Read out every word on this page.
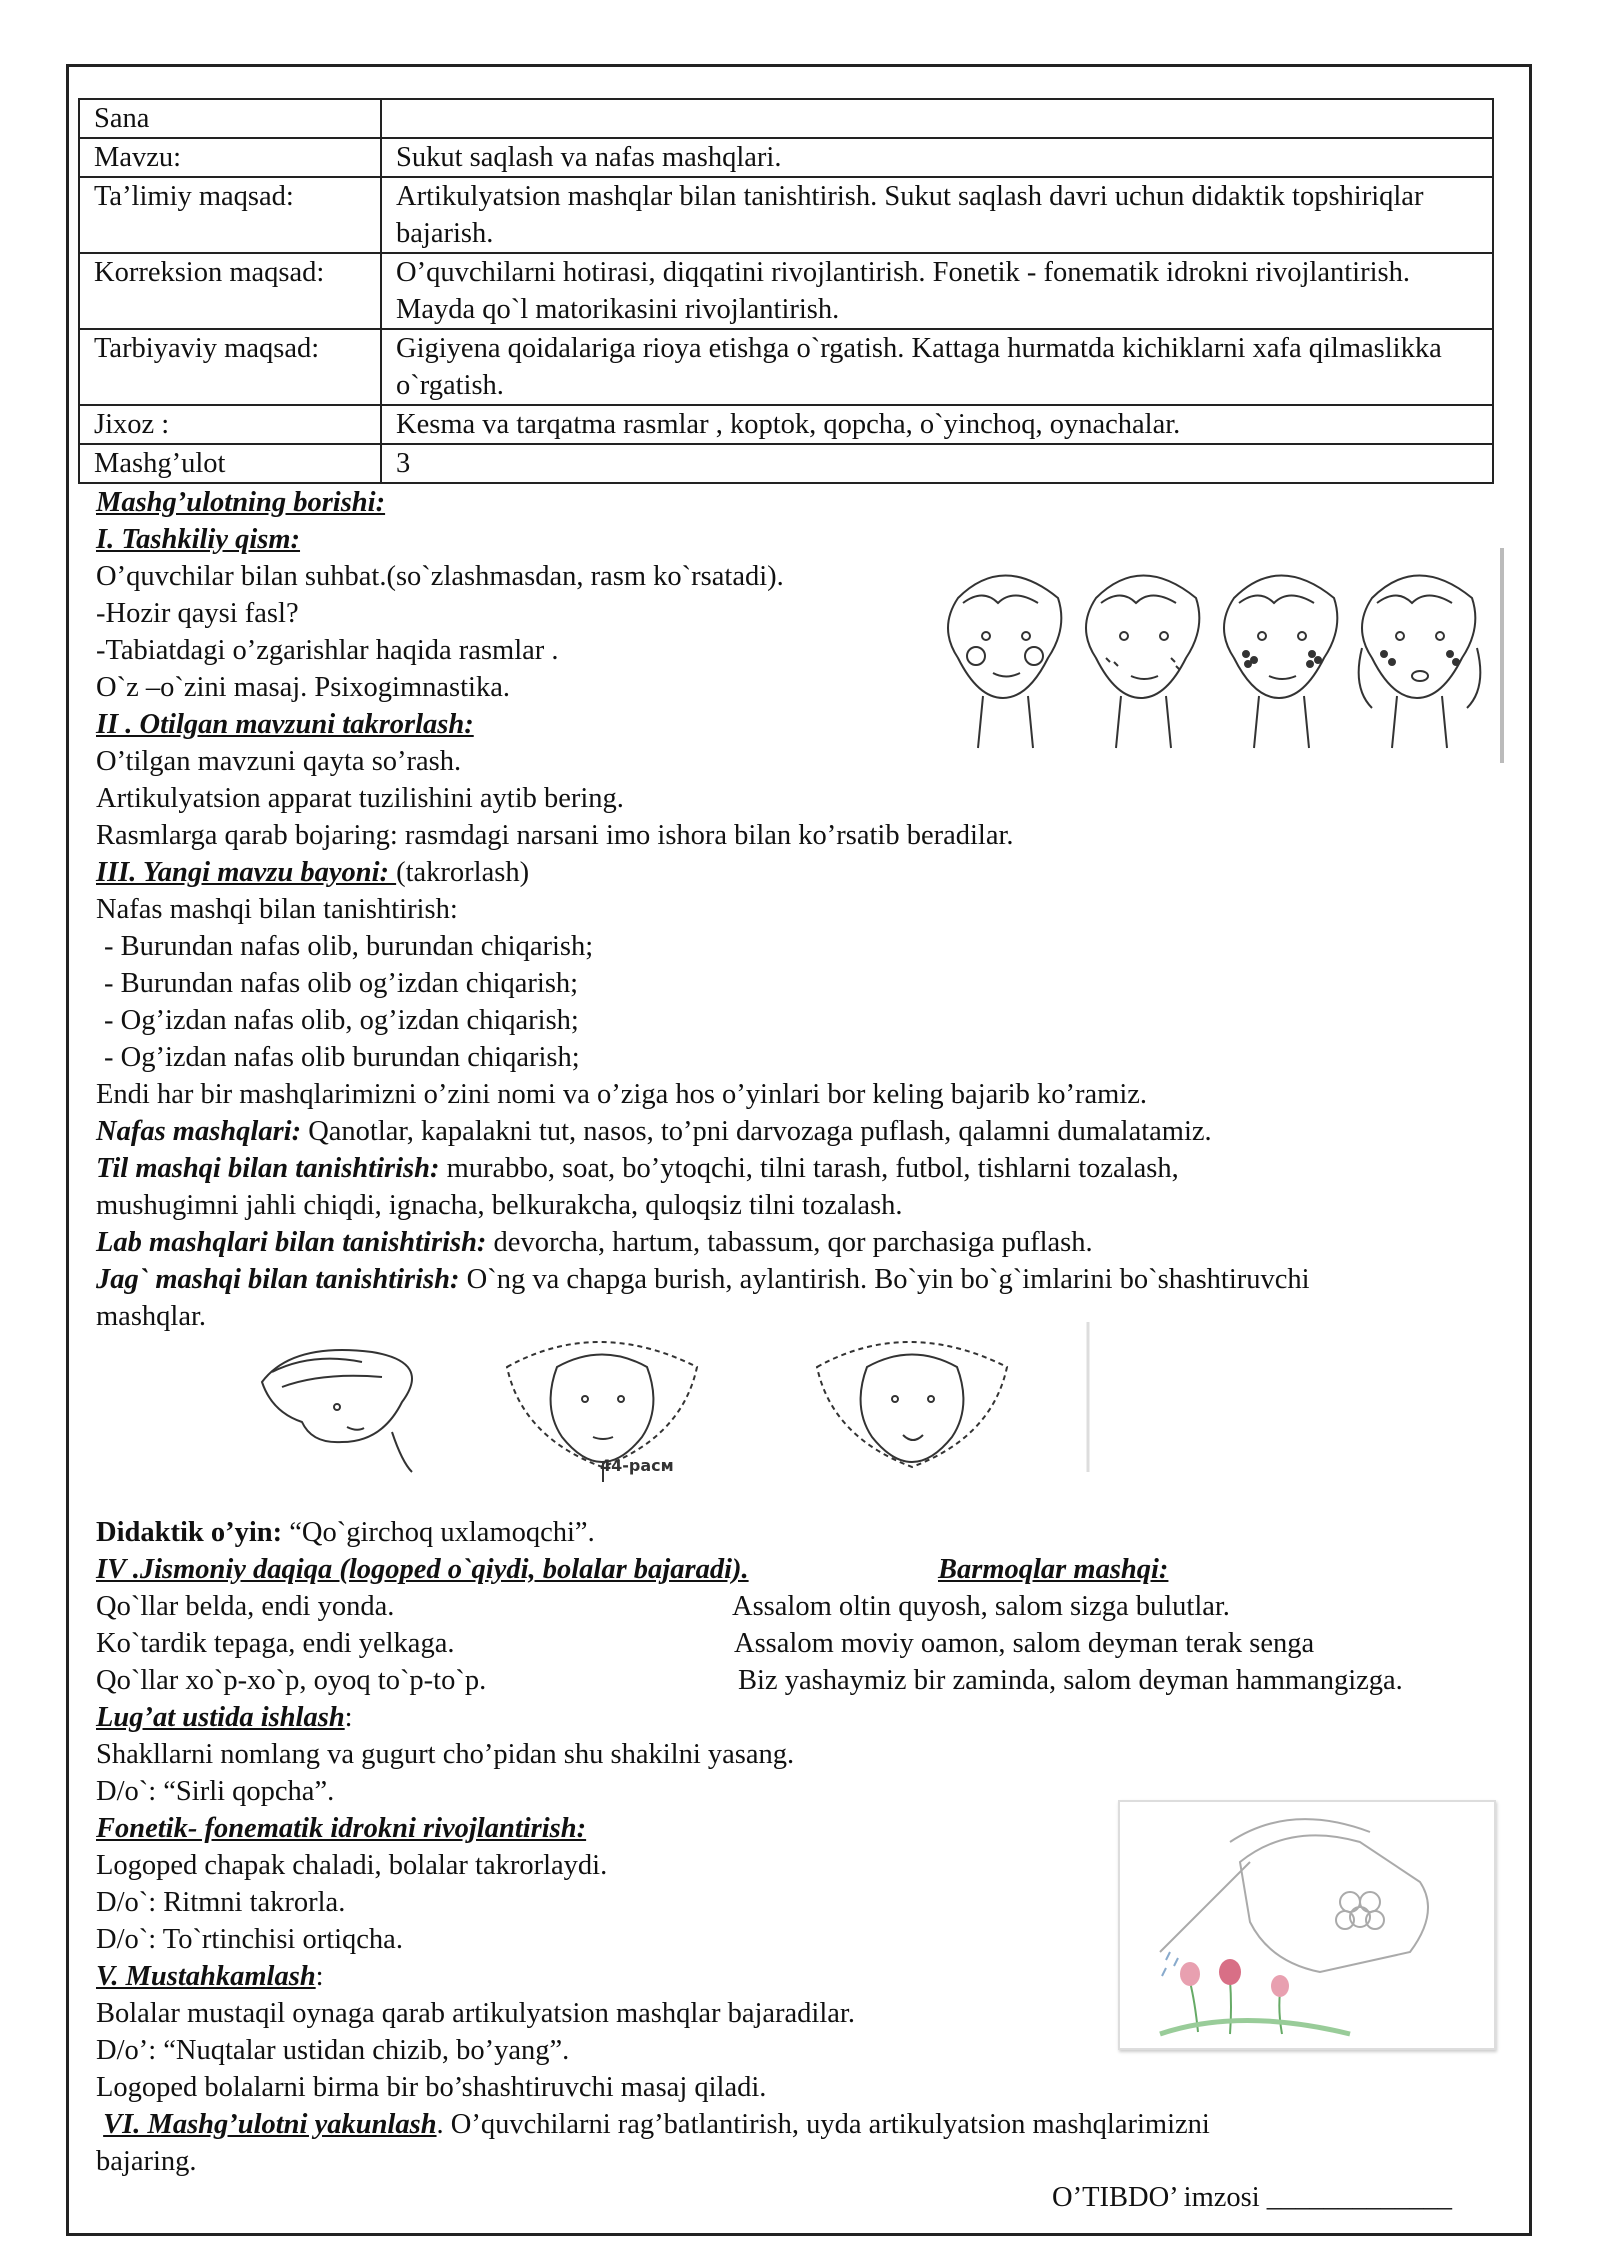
Sana	
Mavzu:	Sukut saqlash va nafas mashqlari.
Ta’limiy maqsad:	Artikulyatsion mashqlar bilan tanishtirish. Sukut saqlash davri uchun didaktik topshiriqlar bajarish.
Korreksion maqsad:	O’quvchilarni hotirasi, diqqatini rivojlantirish. Fonetik - fonematik idrokni rivojlantirish. Mayda qo`l matorikasini rivojlantirish.
Tarbiyaviy maqsad:	Gigiyena qoidalariga rioya etishga o`rgatish. Kattaga hurmatda kichiklarni xafa qilmaslikka o`rgatish.
Jixoz :	Kesma va tarqatma rasmlar , koptok, qopcha, o`yinchoq, oynachalar.
Mashg’ulot	3
Mashg’ulotning borishi:
I. Tashkiliy qism:
O’quvchilar bilan suhbat.(so`zlashmasdan, rasm ko`rsatadi).
-Hozir qaysi fasl?
-Tabiatdagi o’zgarishlar haqida rasmlar .
O`z –o`zini masaj. Psixogimnastika.
II . Otilgan mavzuni takrorlash:
O’tilgan mavzuni qayta so’rash.
Artikulyatsion apparat tuzilishini aytib bering.
Rasmlarga qarab bojaring: rasmdagi narsani imo ishora bilan ko’rsatib beradilar.
III. Yangi mavzu bayoni: (takrorlash)
Nafas mashqi bilan tanishtirish:
- Burundan nafas olib, burundan chiqarish;
- Burundan nafas olib og’izdan chiqarish;
- Og’izdan nafas olib, og’izdan chiqarish;
- Og’izdan nafas olib burundan chiqarish;
Endi har bir mashqlarimizni o’zini nomi va o’ziga hos o’yinlari bor keling bajarib ko’ramiz.
Nafas mashqlari: Qanotlar, kapalakni tut, nasos, to’pni darvozaga puflash, qalamni dumalatamiz.
Til mashqi bilan tanishtirish: murabbo, soat, bo’ytoqchi, tilni tarash, futbol, tishlarni tozalash,
mushugimni jahli chiqdi, ignacha, belkurakcha, quloqsiz tilni tozalash.
Lab mashqlari bilan tanishtirish: devorcha, hartum, tabassum, qor parchasiga puflash.
Jag` mashqi bilan tanishtirish: O`ng va chapga burish, aylantirish. Bo`yin bo`g`imlarini bo`shashtiruvchi
mashqlar.
Didaktik o’yin: “Qo`girchoq uxlamoqchi”.
IV .Jismoniy daqiqa (logoped o`qiydi, bolalar bajaradi).	Barmoqlar mashqi:
Qo`llar belda, endi yonda.	Assalom oltin quyosh, salom sizga bulutlar.
Ko`tardik tepaga, endi yelkaga.	Assalom moviy oamon, salom deyman terak senga
Qo`llar xo`p-xo`p, oyoq to`p-to`p.	Biz yashaymiz bir zaminda, salom deyman hammangizga.
Lug’at ustida ishlash:
Shakllarni nomlang va gugurt cho’pidan shu shakilni yasang.
D/o`: “Sirli qopcha”.
Fonetik- fonematik idrokni rivojlantirish:
Logoped chapak chaladi, bolalar takrorlaydi.
D/o`: Ritmni takrorla.
D/o`: To`rtinchisi ortiqcha.
V. Mustahkamlash:
Bolalar mustaqil oynaga qarab artikulyatsion mashqlar bajaradilar.
D/o’: “Nuqtalar ustidan chizib, bo’yang”.
Logoped bolalarni birma bir bo’shashtiruvchi masaj qiladi.
VI. Mashg’ulotni yakunlash. O’quvchilarni rag’batlantirish, uyda artikulyatsion mashqlarimizni
bajaring.
44-расм
O’TIBDO’ imzosi _____________
